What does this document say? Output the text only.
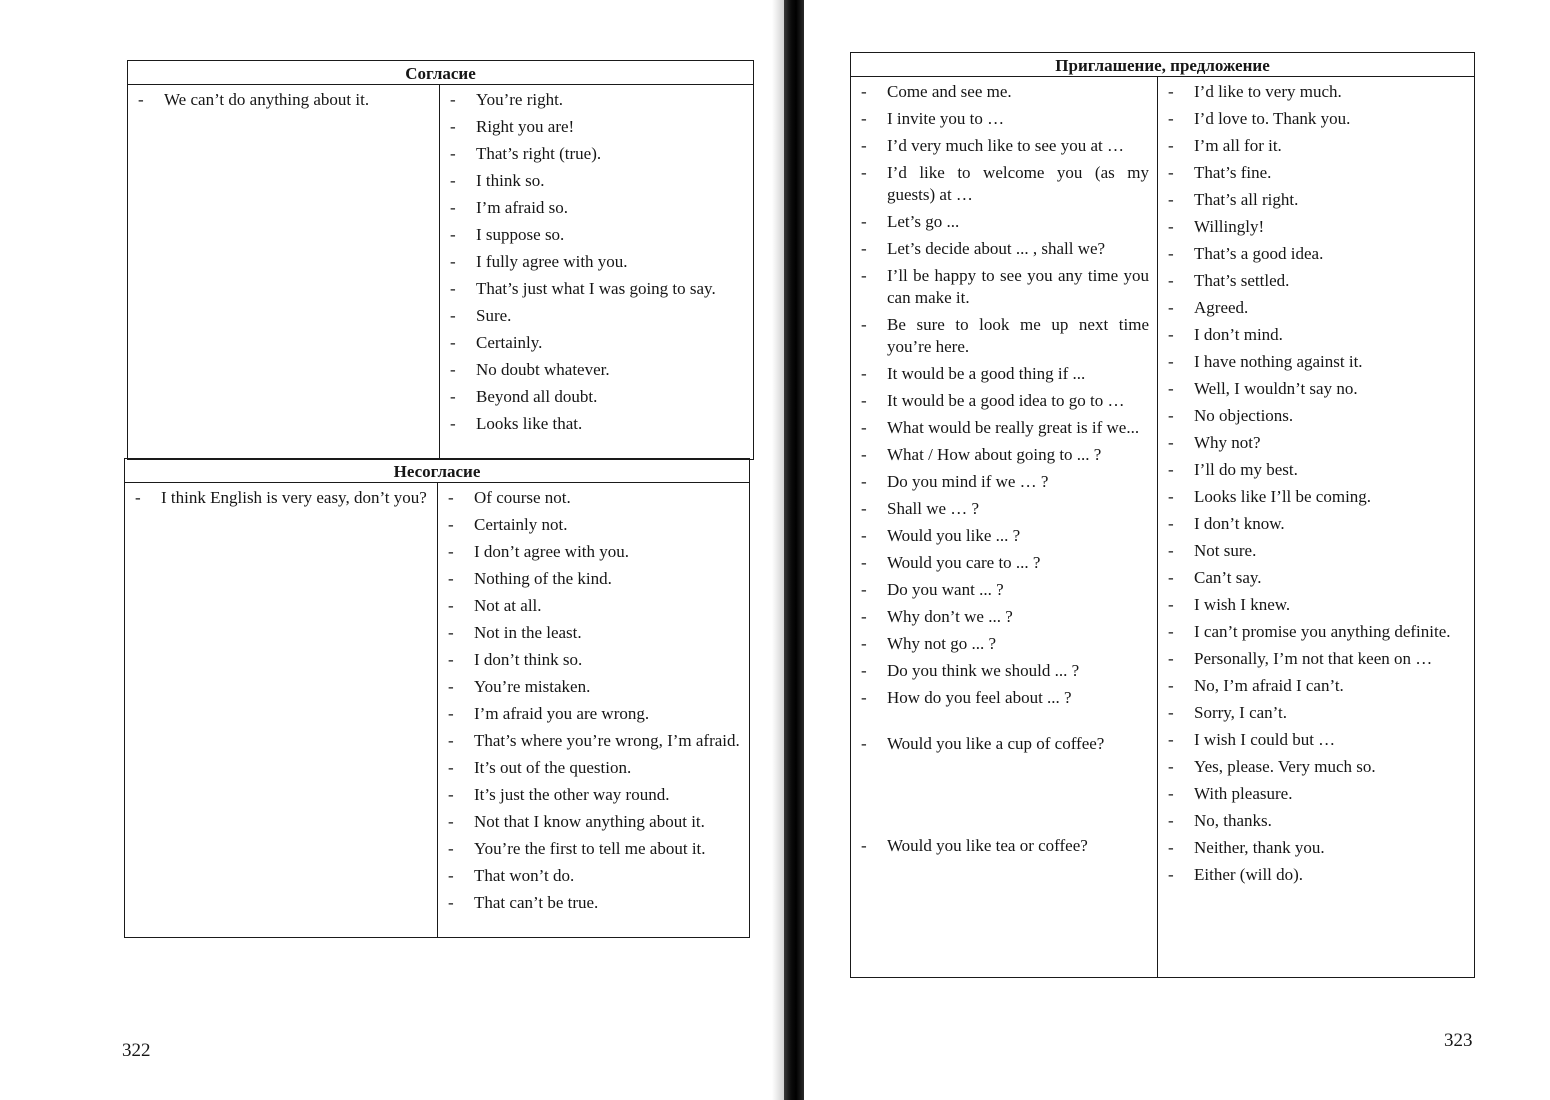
Согласие
- We can’t do anything about it.	- You’re right.
- Right you are!
- That’s right (true).
- I think so.
- I’m afraid so.
- I suppose so.
- I fully agree with you.
- That’s just what I was going to say.
- Sure.
- Certainly.
- No doubt whatever.
- Beyond all doubt.
- Looks like that.
Несогласие
- I think English is very easy, don’t you?	- Of course not.
- Certainly not.
- I don’t agree with you.
- Nothing of the kind.
- Not at all.
- Not in the least.
- I don’t think so.
- You’re mistaken.
- I’m afraid you are wrong.
- That’s where you’re wrong, I’m afraid.
- It’s out of the question.
- It’s just the other way round.
- Not that I know anything about it.
- You’re the first to tell me about it.
- That won’t do.
- That can’t be true.
322
Приглашение, предложение
- Come and see me.
- I invite you to …
- I’d very much like to see you at …
- I’d like to welcome you (as my guests) at …
- Let’s go ...
- Let’s decide about ... , shall we?
- I’ll be happy to see you any time you can make it.
- Be sure to look me up next time you’re here.
- It would be a good thing if ...
- It would be a good idea to go to …
- What would be really great is if we...
- What / How about going to ... ?
- Do you mind if we … ?
- Shall we … ?
- Would you like ... ?
- Would you care to ... ?
- Do you want ... ?
- Why don’t we ... ?
- Why not go ... ?
- Do you think we should ... ?
- How do you feel about ... ?
- Would you like a cup of coffee?
- Would you like tea or coffee?
- I’d like to very much.
- I’d love to. Thank you.
- I’m all for it.
- That’s fine.
- That’s all right.
- Willingly!
- That’s a good idea.
- That’s settled.
- Agreed.
- I don’t mind.
- I have nothing against it.
- Well, I wouldn’t say no.
- No objections.
- Why not?
- I’ll do my best.
- Looks like I’ll be coming.
- I don’t know.
- Not sure.
- Can’t say.
- I wish I knew.
- I can’t promise you anything definite.
- Personally, I’m not that keen on …
- No, I’m afraid I can’t.
- Sorry, I can’t.
- I wish I could but …
- Yes, please. Very much so.
- With pleasure.
- No, thanks.
- Neither, thank you.
- Either (will do).
323
